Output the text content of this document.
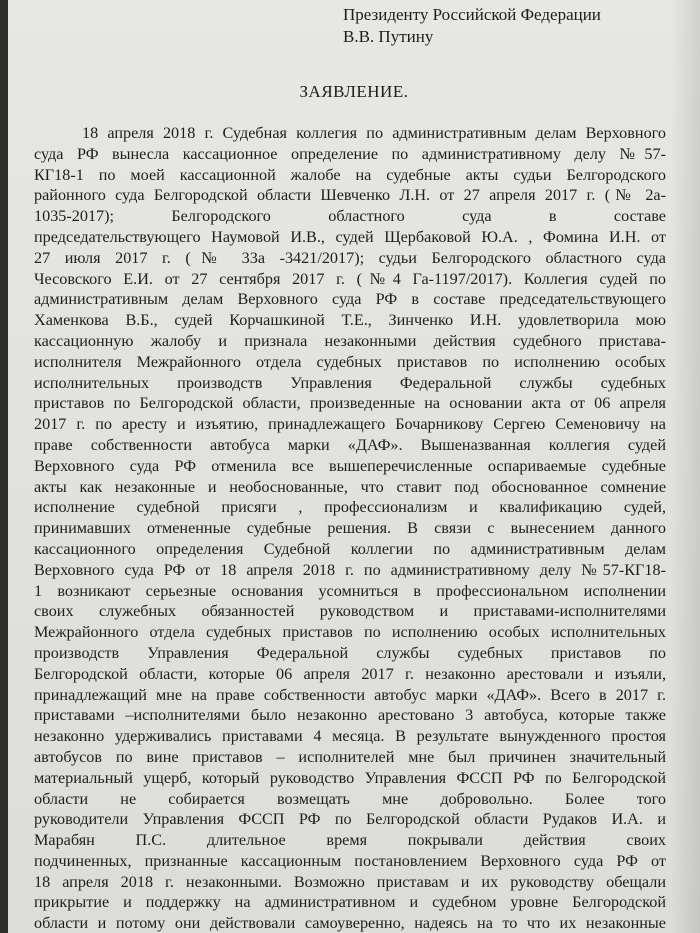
Президенту Российской Федерации
В.В. Путину
ЗАЯВЛЕНИЕ.
18 апреля 2018 г. Судебная коллегия по административным делам Верховного
суда РФ вынесла кассационное определение по административному делу №57-
КГ18-1 по моей кассационной жалобе на судебные акты судьи Белгородского
районного суда Белгородской области Шевченко Л.Н. от 27 апреля 2017 г. (№ 2а-
1035-2017); Белгородского областного суда в составе
председательствующего Наумовой И.В., судей Щербаковой Ю.А. , Фомина И.Н. от
27 июля 2017 г. (№ 33а -3421/2017); судьи Белгородского областного суда
Чесовского Е.И. от 27 сентября 2017 г. (№4 Га-1197/2017). Коллегия судей по
административным делам Верховного суда РФ в составе председательствующего
Хаменкова В.Б., судей Корчашкиной Т.Е., Зинченко И.Н. удовлетворила мою
кассационную жалобу и признала незаконными действия судебного пристава-
исполнителя Межрайонного отдела судебных приставов по исполнению особых
исполнительных производств Управления Федеральной службы судебных
приставов по Белгородской области, произведенные на основании акта от 06 апреля
2017 г. по аресту и изъятию, принадлежащего Бочарникову Сергею Семеновичу на
праве собственности автобуса марки «ДАФ». Вышеназванная коллегия судей
Верховного суда РФ отменила все вышеперечисленные оспариваемые судебные
акты как незаконные и необоснованные, что ставит под обоснованное сомнение
исполнение судебной присяги , профессионализм и квалификацию судей,
принимавших отмененные судебные решения. В связи с вынесением данного
кассационного определения Судебной коллегии по административным делам
Верховного суда РФ от 18 апреля 2018 г. по административному делу №57-КГ18-
1 возникают серьезные основания усомниться в профессиональном исполнении
своих служебных обязанностей руководством и приставами-исполнителями
Межрайонного отдела судебных приставов по исполнению особых исполнительных
производств Управления Федеральной службы судебных приставов по
Белгородской области, которые 06 апреля 2017 г. незаконно арестовали и изъяли,
принадлежащий мне на праве собственности автобус марки «ДАФ». Всего в 2017 г.
приставами –исполнителями было незаконно арестовано 3 автобуса, которые также
незаконно удерживались приставами 4 месяца. В результате вынужденного простоя
автобусов по вине приставов – исполнителей мне был причинен значительный
материальный ущерб, который руководство Управления ФССП РФ по Белгородской
области не собирается возмещать мне добровольно. Более того
руководители Управления ФССП РФ по Белгородской области Рудаков И.А. и
Марабян П.С. длительное время покрывали действия своих
подчиненных, признанные кассационным постановлением Верховного суда РФ от
18 апреля 2018 г. незаконными. Возможно приставам и их руководству обещали
прикрытие и поддержку на административном и судебном уровне Белгородской
области и потому они действовали самоуверенно, надеясь на то что их незаконные
